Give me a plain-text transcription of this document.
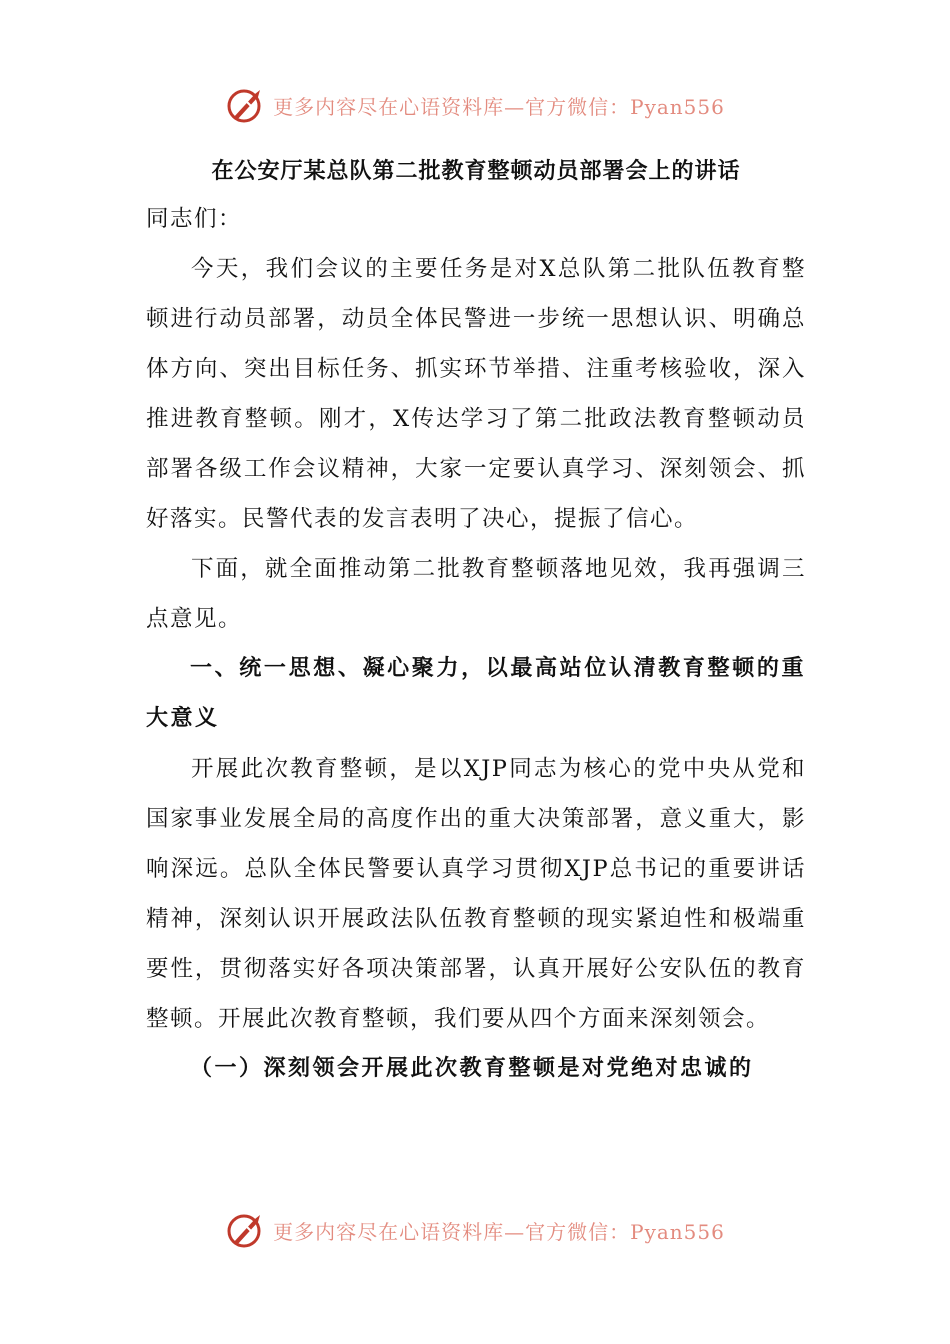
更多内容尽在心语资料库—官方微信：Pyan556
在公安厅某总队第二批教育整顿动员部署会上的讲话

同志们：

今天，我们会议的主要任务是对X总队第二批队伍教育整顿进行动员部署，动员全体民警进一步统一思想认识、明确总体方向、突出目标任务、抓实环节举措、注重考核验收，深入推进教育整顿。刚才，X传达学习了第二批政法教育整顿动员部署各级工作会议精神，大家一定要认真学习、深刻领会、抓好落实。民警代表的发言表明了决心，提振了信心。

下面，就全面推动第二批教育整顿落地见效，我再强调三点意见。

一、统一思想、凝心聚力，以最高站位认清教育整顿的重大意义

开展此次教育整顿，是以XJP同志为核心的党中央从党和国家事业发展全局的高度作出的重大决策部署，意义重大，影响深远。总队全体民警要认真学习贯彻XJP总书记的重要讲话精神，深刻认识开展政法队伍教育整顿的现实紧迫性和极端重要性，贯彻落实好各项决策部署，认真开展好公安队伍的教育整顿。开展此次教育整顿，我们要从四个方面来深刻领会。

（一）深刻领会开展此次教育整顿是对党绝对忠诚的

更多内容尽在心语资料库—官方微信：Pyan556
